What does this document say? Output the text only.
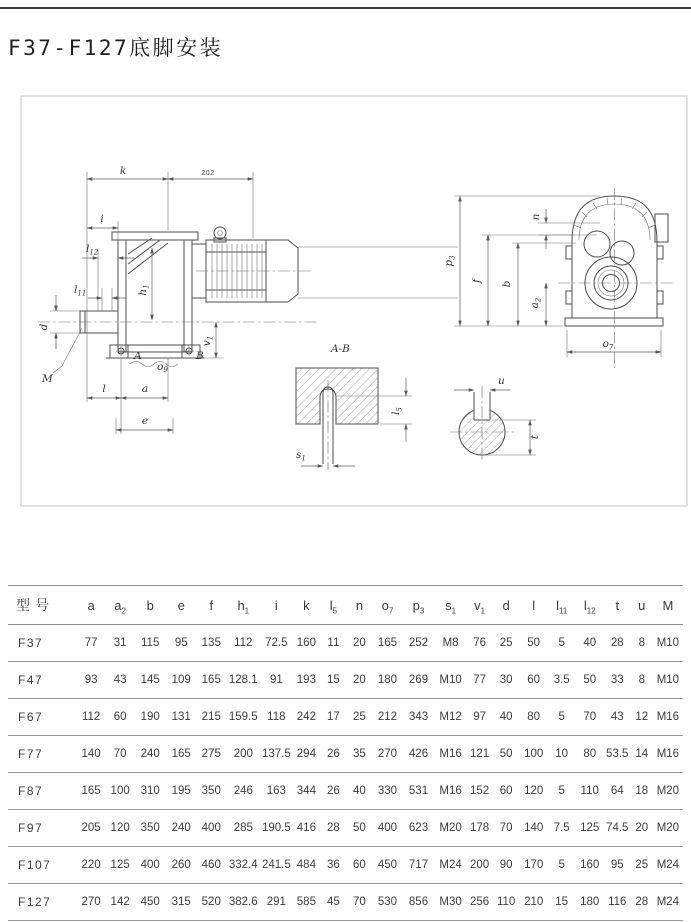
F37-F127底脚安装
k	202
i
$l_{12}$
$l_{11}$
d
M
$h_1$
$v_1$
A	B
o9
l	a
e
$p_3$
f b
n
$a_2$
$o_7$
A-B
$l_5$
$s_1$
u
t
型号	a	$a_2$	b	e	f	$h_1$	i	k	$l_5$	n	$o_7$	$p_3$	$s_1$	$v_1$	d	l	$l_{11}$	$l_{12}$	t	u	M
F37	77	31	115	95	135	112	72.5	160	11	20	165	252	M8	76	25	50	5	40	28	8	M10
F47	93	43	145	109	165	128.1	91	193	15	20	180	269	M10	77	30	60	3.5	50	33	8	M10
F67	112	60	190	131	215	159.5	118	242	17	25	212	343	M12	97	40	80	5	70	43	12	M16
F77	140	70	240	165	275	200	137.5	294	26	35	270	426	M16	121	50	100	10	80	53.5	14	M16
F87	165	100	310	195	350	246	163	344	26	40	330	531	M16	152	60	120	5	110	64	18	M20
F97	205	120	350	240	400	285	190.5	416	28	50	400	623	M20	178	70	140	7.5	125	74.5	20	M20
F107	220	125	400	260	460	332.4	241.5	484	36	60	450	717	M24	200	90	170	5	160	95	25	M24
F127	270	142	450	315	520	382.6	291	585	45	70	530	856	M30	256	110	210	15	180	116	28	M24
